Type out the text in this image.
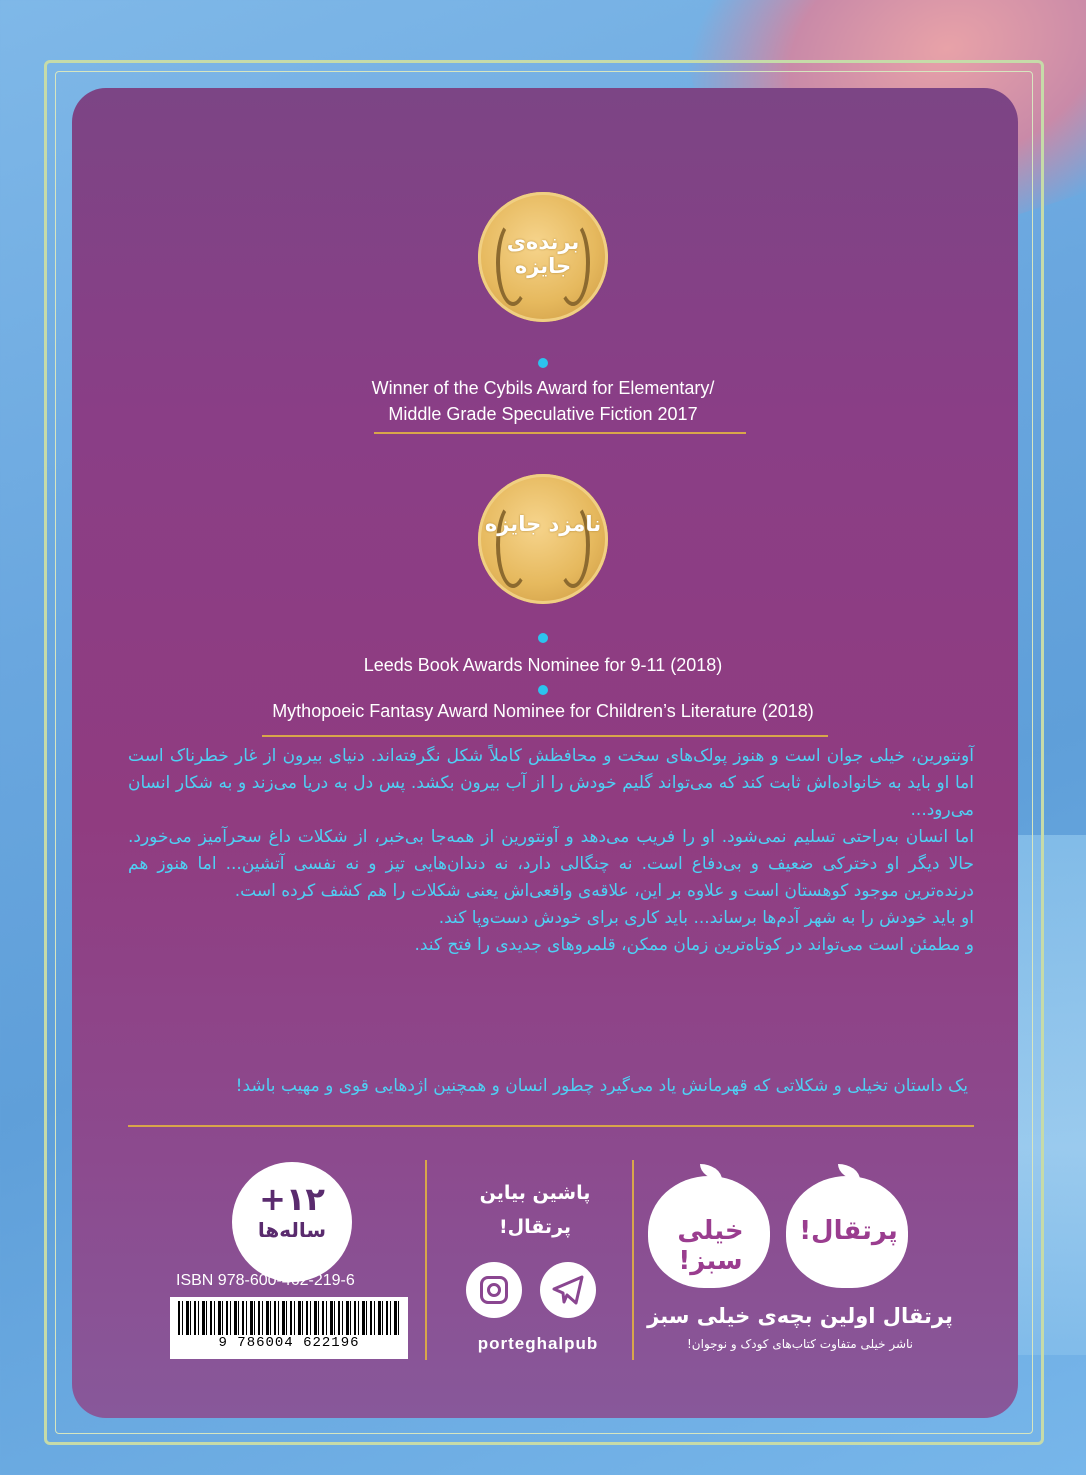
برنده‌ی جایزه
Winner of the Cybils Award for Elementary/
Middle Grade Speculative Fiction 2017
نامزد جایزه
Leeds Book Awards Nominee for 9-11 (2018)
Mythopoeic Fantasy Award Nominee for Children’s Literature (2018)

آونتورین، خیلی جوان است و هنوز پولک‌های سخت و محافظش کاملاً شکل نگرفته‌اند. دنیای بیرون از غار خطرناک است اما او باید به خانواده‌اش ثابت کند که می‌تواند گلیم خودش را از آب بیرون بکشد. پس دل به دریا می‌زند و به شکار انسان می‌رود...

اما انسان به‌راحتی تسلیم نمی‌شود. او را فریب می‌دهد و آونتورین از همه‌جا بی‌خبر، از شکلات داغ سحرآمیز می‌خورد. حالا دیگر او دخترکی ضعیف و بی‌دفاع است. نه چنگالی دارد، نه دندان‌هایی تیز و نه نفسی آتشین... اما هنوز هم درنده‌ترین موجود کوهستان است و علاوه بر این، علاقه‌ی واقعی‌اش یعنی شکلات را هم کشف کرده است.

او باید خودش را به شهر آدم‌ها برساند... باید کاری برای خودش دست‌وپا کند.

و مطمئن است می‌تواند در کوتاه‌ترین زمان ممکن، قلمروهای جدیدی را فتح کند.

یک داستان تخیلی و شکلاتی که قهرمانش یاد می‌گیرد چطور انسان و همچنین اژدهایی قوی و مهیب باشد!
+۱۲
ساله‌ها
ISBN 978-600-462-219-6
9 786004 622196
پاشین بیاین
پرتقال!
porteghalpub
خیلی سبز!
پرتقال!
پرتقال اولین بچه‌ی خیلی سبز
ناشر خیلی متفاوت کتاب‌های کودک و نوجوان!
